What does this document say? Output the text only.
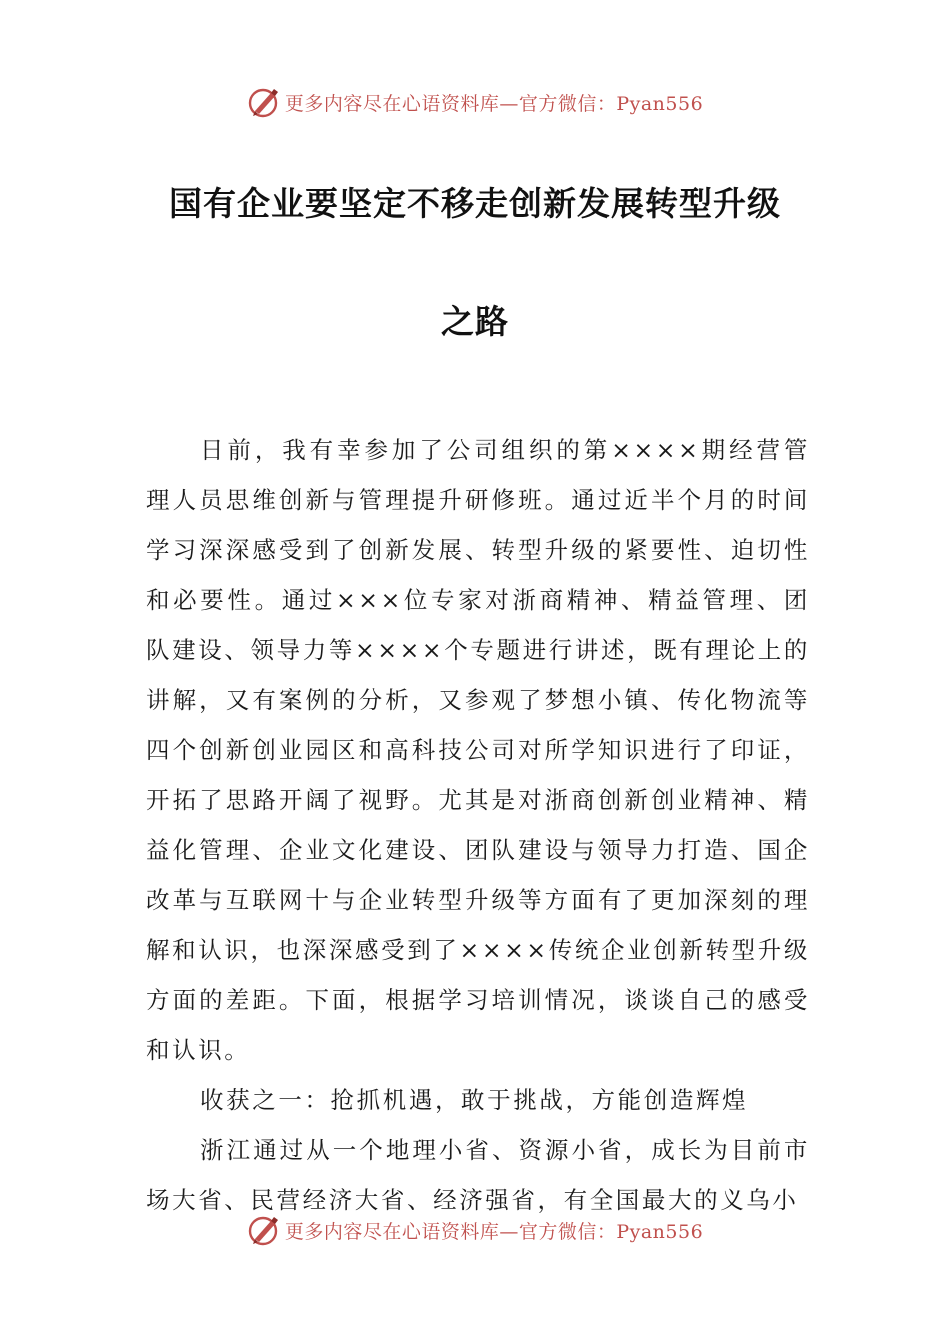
更多内容尽在心语资料库—官方微信：Pyan556
国有企业要坚定不移走创新发展转型升级
之路

日前，我有幸参加了公司组织的第××××期经营管理人员思维创新与管理提升研修班。通过近半个月的时间学习深深感受到了创新发展、转型升级的紧要性、迫切性和必要性。通过×××位专家对浙商精神、精益管理、团队建设、领导力等××××个专题进行讲述，既有理论上的讲解，又有案例的分析，又参观了梦想小镇、传化物流等四个创新创业园区和高科技公司对所学知识进行了印证，开拓了思路开阔了视野。尤其是对浙商创新创业精神、精益化管理、企业文化建设、团队建设与领导力打造、国企改革与互联网十与企业转型升级等方面有了更加深刻的理解和认识，也深深感受到了××××传统企业创新转型升级方面的差距。下面，根据学习培训情况，谈谈自己的感受和认识。

收获之一：抢抓机遇，敢于挑战，方能创造辉煌

浙江通过从一个地理小省、资源小省，成长为目前市场大省、民营经济大省、经济强省，有全国最大的义乌小

更多内容尽在心语资料库—官方微信：Pyan556
